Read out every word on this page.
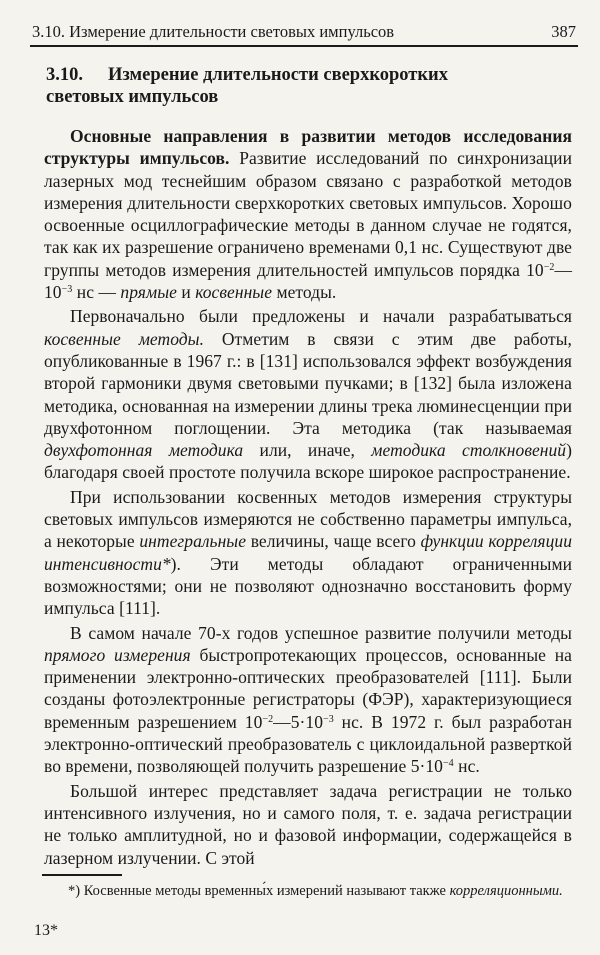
3.10. Измерение длительности световых импульсов	387
3.10. Измерение длительности сверхкоротких
световых импульсов

Основные направления в развитии методов исследования структуры импульсов. Развитие исследований по синхронизации лазерных мод теснейшим образом связано с разработкой методов измерения длительности сверхкоротких световых импульсов. Хорошо освоенные осциллографические методы в данном случае не годятся, так как их разрешение ограничено временами 0,1 нс. Существуют две группы методов измерения длительностей импульсов порядка $10^{-2}—10^{-3}$ нс — прямые и косвенные методы.

Первоначально были предложены и начали разрабатываться косвенные методы. Отметим в связи с этим две работы, опубликованные в 1967 г.: в [131] использовался эффект возбуждения второй гармоники двумя световыми пучками; в [132] была изложена методика, основанная на измерении длины трека люминесценции при двухфотонном поглощении. Эта методика (так называемая двухфотонная методика или, иначе, методика столкновений) благодаря своей простоте получила вскоре широкое распространение.

При использовании косвенных методов измерения структуры световых импульсов измеряются не собственно параметры импульса, а некоторые интегральные величины, чаще всего функции корреляции интенсивности*). Эти методы обладают ограниченными возможностями; они не позволяют однозначно восстановить форму импульса [111].

В самом начале 70-х годов успешное развитие получили методы прямого измерения быстропротекающих процессов, основанные на применении электронно-оптических преобразователей [111]. Были созданы фотоэлектронные регистраторы (ФЭР), характеризующиеся временным разрешением $10^{-2}—5\cdot 10^{-3}$ нс. В 1972 г. был разработан электронно-оптический преобразователь с циклоидальной разверткой во времени, позволяющей получить разрешение $5\cdot 10^{-4}$ нс.

Большой интерес представляет задача регистрации не только интенсивного излучения, но и самого поля, т. е. задача регистрации не только амплитудной, но и фазовой информации, содержащейся в лазерном излучении. С этой

*) Косвенные методы временны́х измерений называют также корреляционными.
13*
